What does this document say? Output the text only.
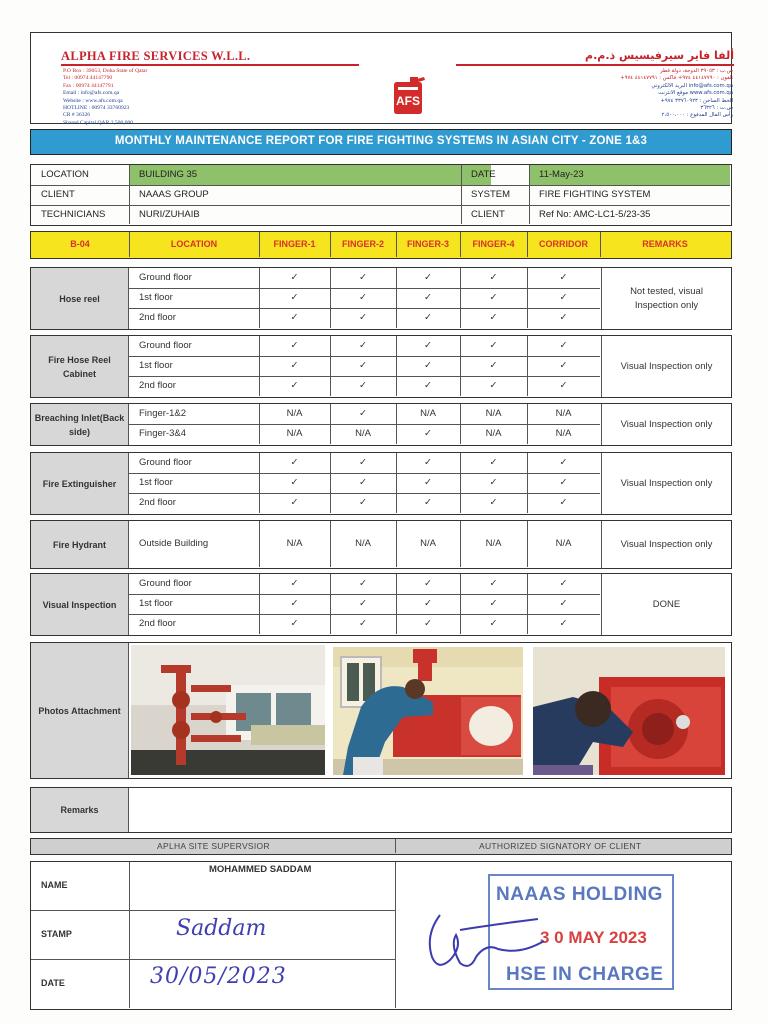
ALPHA FIRE SERVICES W.L.L.
P.O Box : 39053, Doha State of Qatar
Tel : 00974 44147790
Fax : 00974 44147791
Email : info@afs.com.qa
Website : www.afs.com.qa
HOTLINE : 00974 33760923
CR # 36326
Shared Capital QAR 2,500,000
AFS
ألفا فاير سيرفيسيس ذ.م.م
ص.ب : ٣٩٠٥٣ الدوحة، دولة قطر
تلفون : ٤٤١٤٧٧٩٠ ٩٧٤+ فاكس : ٤٤١٤٧٧٩١ ٩٧٤+
info@afs.com.qa البريد الالكتروني
www.afs.com.qa موقع الانترنت
الخط الساخن : ٣٣٧٦٠٩٢٣ ٩٧٤+
س.ت : ٣٦٣٢٦
رأس المال المدفوع : ٢،٥٠٠،٠٠٠
MONTHLY MAINTENANCE REPORT FOR FIRE FIGHTING SYSTEMS IN ASIAN CITY - ZONE 1&3
LOCATION	BUILDING 35
CLIENT	NAAAS GROUP
TECHNICIANS	NURI/ZUHAIB
DATE	11-May-23
SYSTEM	FIRE FIGHTING SYSTEM
CLIENT	Ref No: AMC-LC1-5/23-35
B-04	LOCATION	FINGER-1	FINGER-2	FINGER-3	FINGER-4	CORRIDOR	REMARKS
Hose reel
Ground floor	✓	✓	✓	✓	✓
1st floor	✓	✓	✓	✓	✓
2nd floor	✓	✓	✓	✓	✓
Not tested, visual Inspection only
Fire Hose Reel Cabinet
Ground floor	✓	✓	✓	✓	✓
1st floor	✓	✓	✓	✓	✓
2nd floor	✓	✓	✓	✓	✓
Visual Inspection only
Breaching Inlet(Back side)
Finger-1&2	N/A	✓	N/A	N/A	N/A
Finger-3&4	N/A	N/A	✓	N/A	N/A
Visual Inspection only
Fire Extinguisher
Ground floor	✓	✓	✓	✓	✓
1st floor	✓	✓	✓	✓	✓
2nd floor	✓	✓	✓	✓	✓
Visual Inspection only
Fire Hydrant	Outside Building	N/A	N/A	N/A	N/A	N/A	Visual Inspection only
Visual Inspection
Ground floor	✓	✓	✓	✓	✓
1st floor	✓	✓	✓	✓	✓
2nd floor	✓	✓	✓	✓	✓
DONE
Photos Attachment
Remarks
APLHA SITE SUPERVSIOR	AUTHORIZED SIGNATORY OF CLIENT
NAME
STAMP
DATE
MOHAMMED SADDAM
Saddam
30/05/2023
NAAAS HOLDING
3 0 MAY 2023
HSE IN CHARGE
